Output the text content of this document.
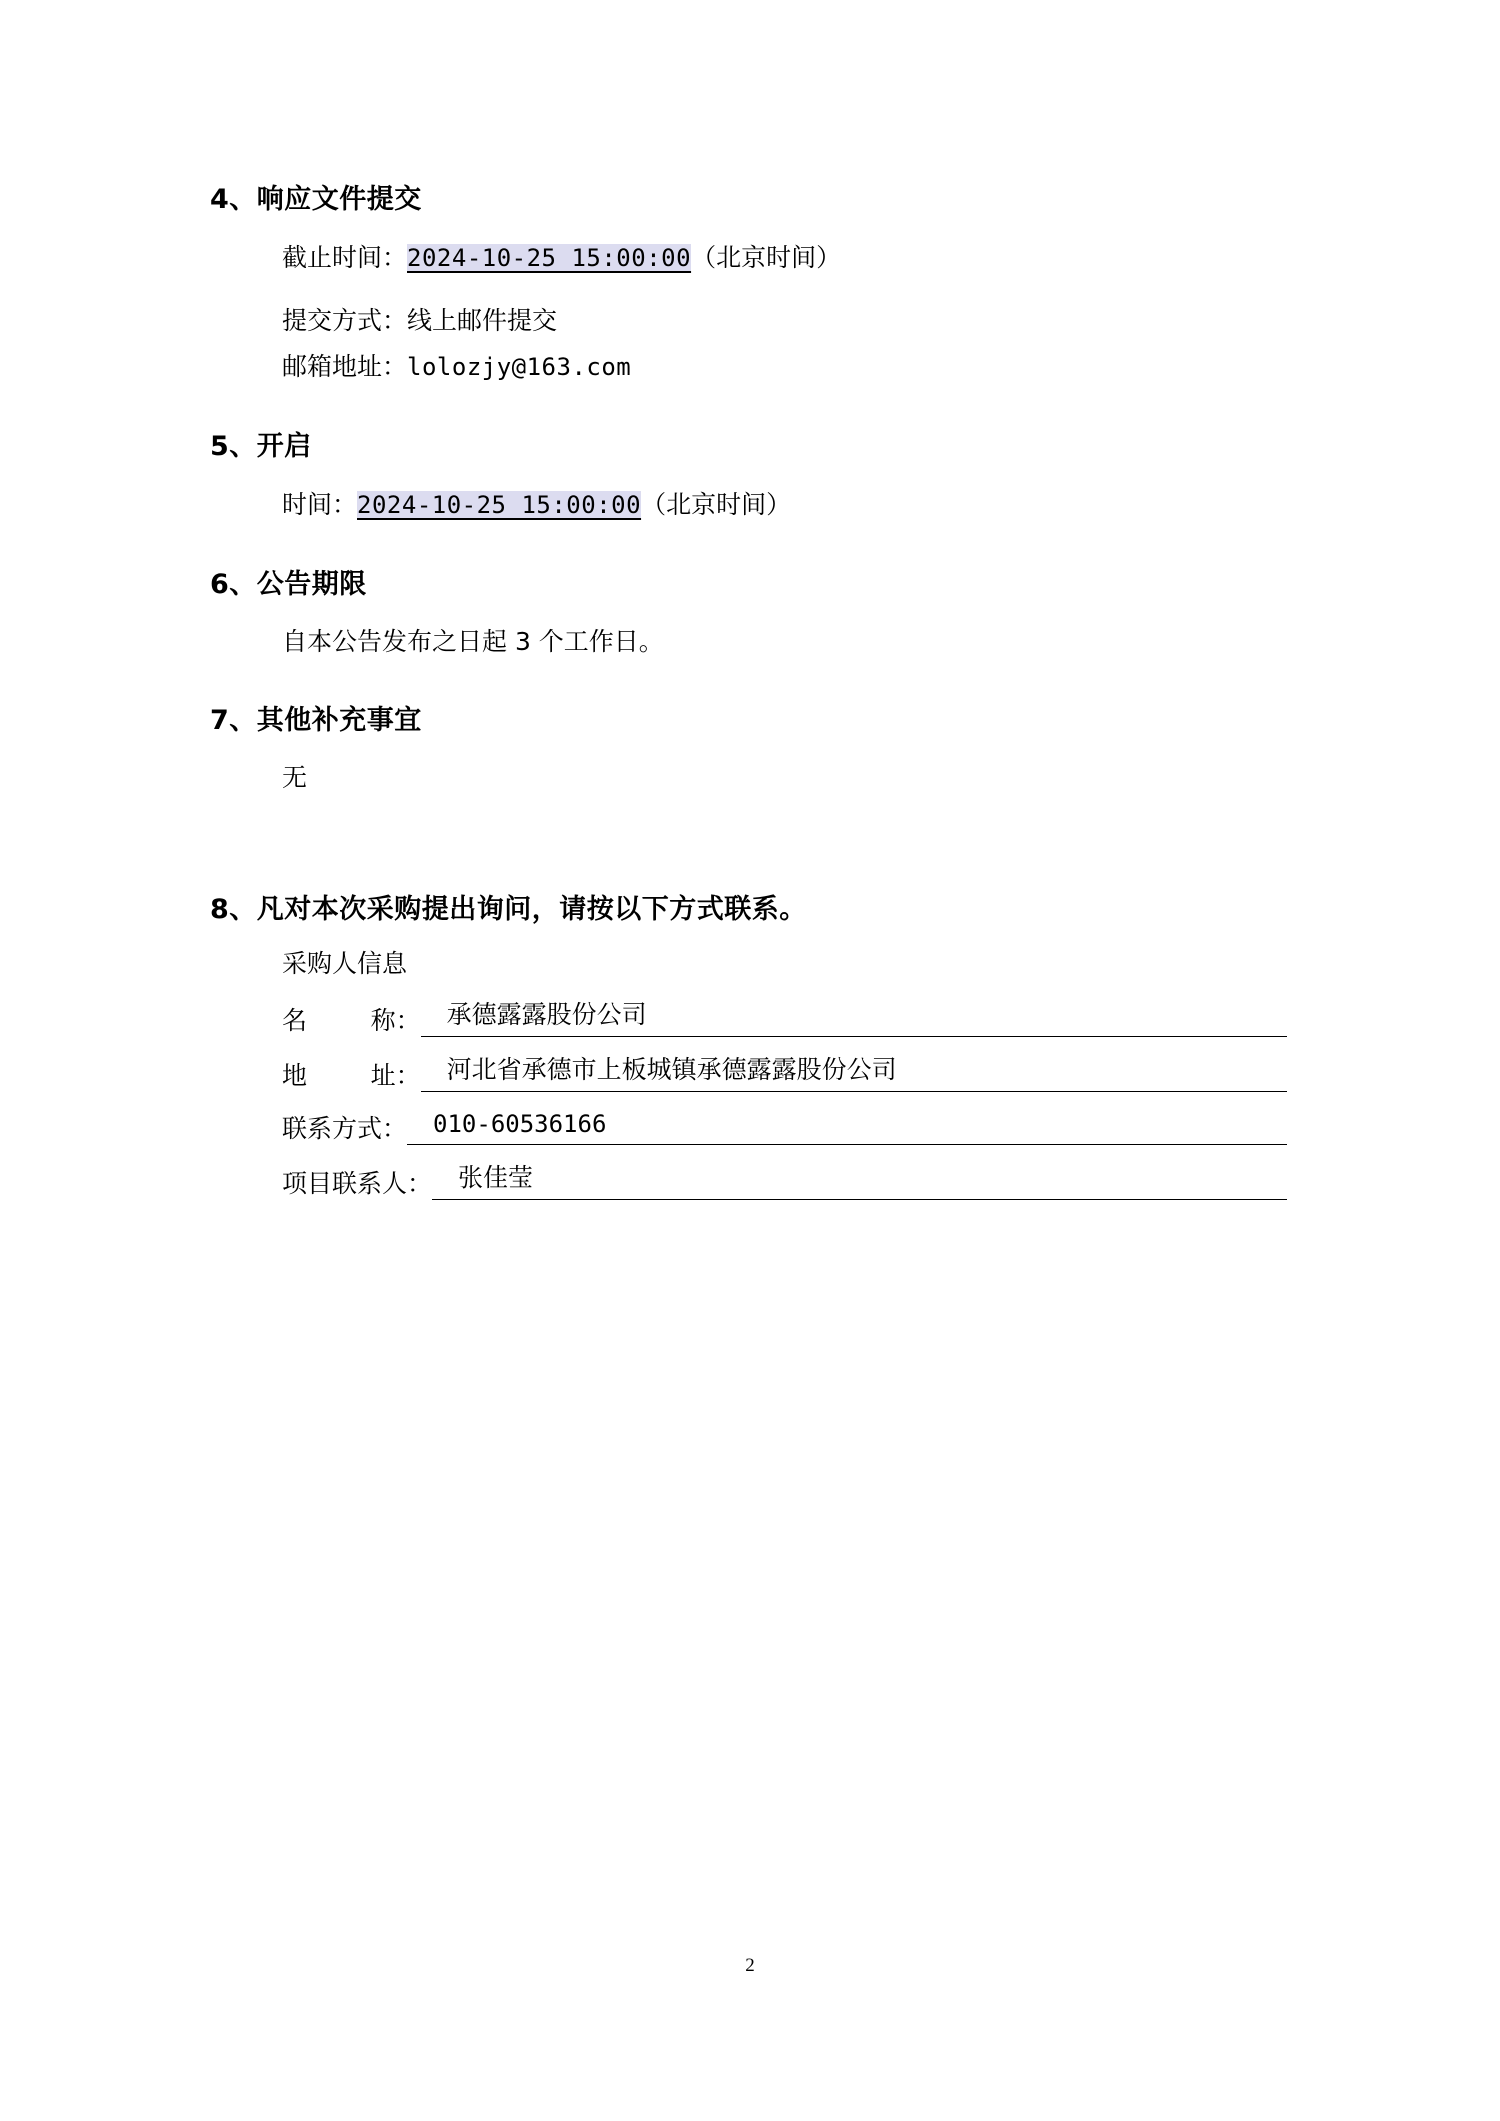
4、响应文件提交
截止时间：2024-10-25 15:00:00（北京时间）
提交方式：线上邮件提交
邮箱地址：lolozjy@163.com
5、开启
时间：2024-10-25 15:00:00（北京时间）
6、公告期限
自本公告发布之日起 3 个工作日。
7、其他补充事宜
无
8、凡对本次采购提出询问，请按以下方式联系。
采购人信息
名        称：	承德露露股份公司
地        址：	河北省承德市上板城镇承德露露股份公司
联系方式：	010-60536166
项目联系人：	张佳莹
2
